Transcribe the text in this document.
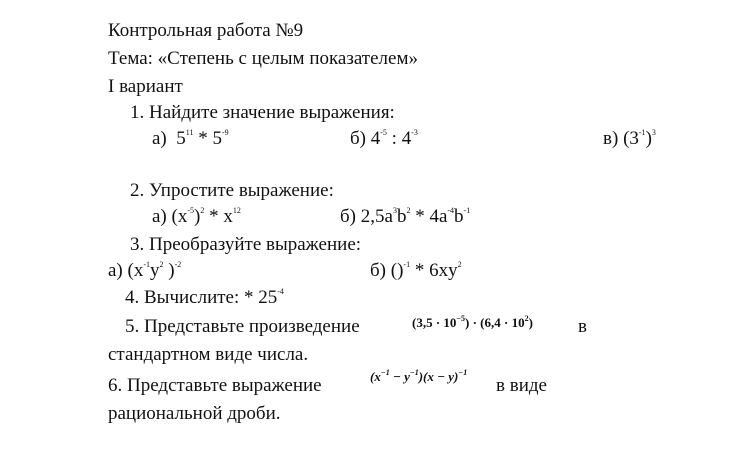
Контрольная работа №9
Тема: «Степень с целым показателем»
I вариант
1. Найдите значение выражения:
а) $5^{11} * 5^{-9}$	б) $4^{-5}$ : $4^{-3}$	в) $(3^{-1})^3$
2. Упростите выражение:
а) $(x^{-5})^2 * x^{12}$	б) $2,5a^3b^2 * 4a^{-4}b^{-1}$
3. Преобразуйте выражение:
а) ($x^{-1}y^2$ )$^{-2}$	б) $()^{-1} * 6xy^2$
4. Вычислите: * $25^{-4}$
5. Представьте произведение	$(3,5 \cdot 10^{-5}) \cdot (6,4 \cdot 10^2)$ в
стандартном виде числа.
6. Представьте выражение	$(x^{-1} - y^{-1})(x - y)^{-1}$
в виде
рациональной дроби.
